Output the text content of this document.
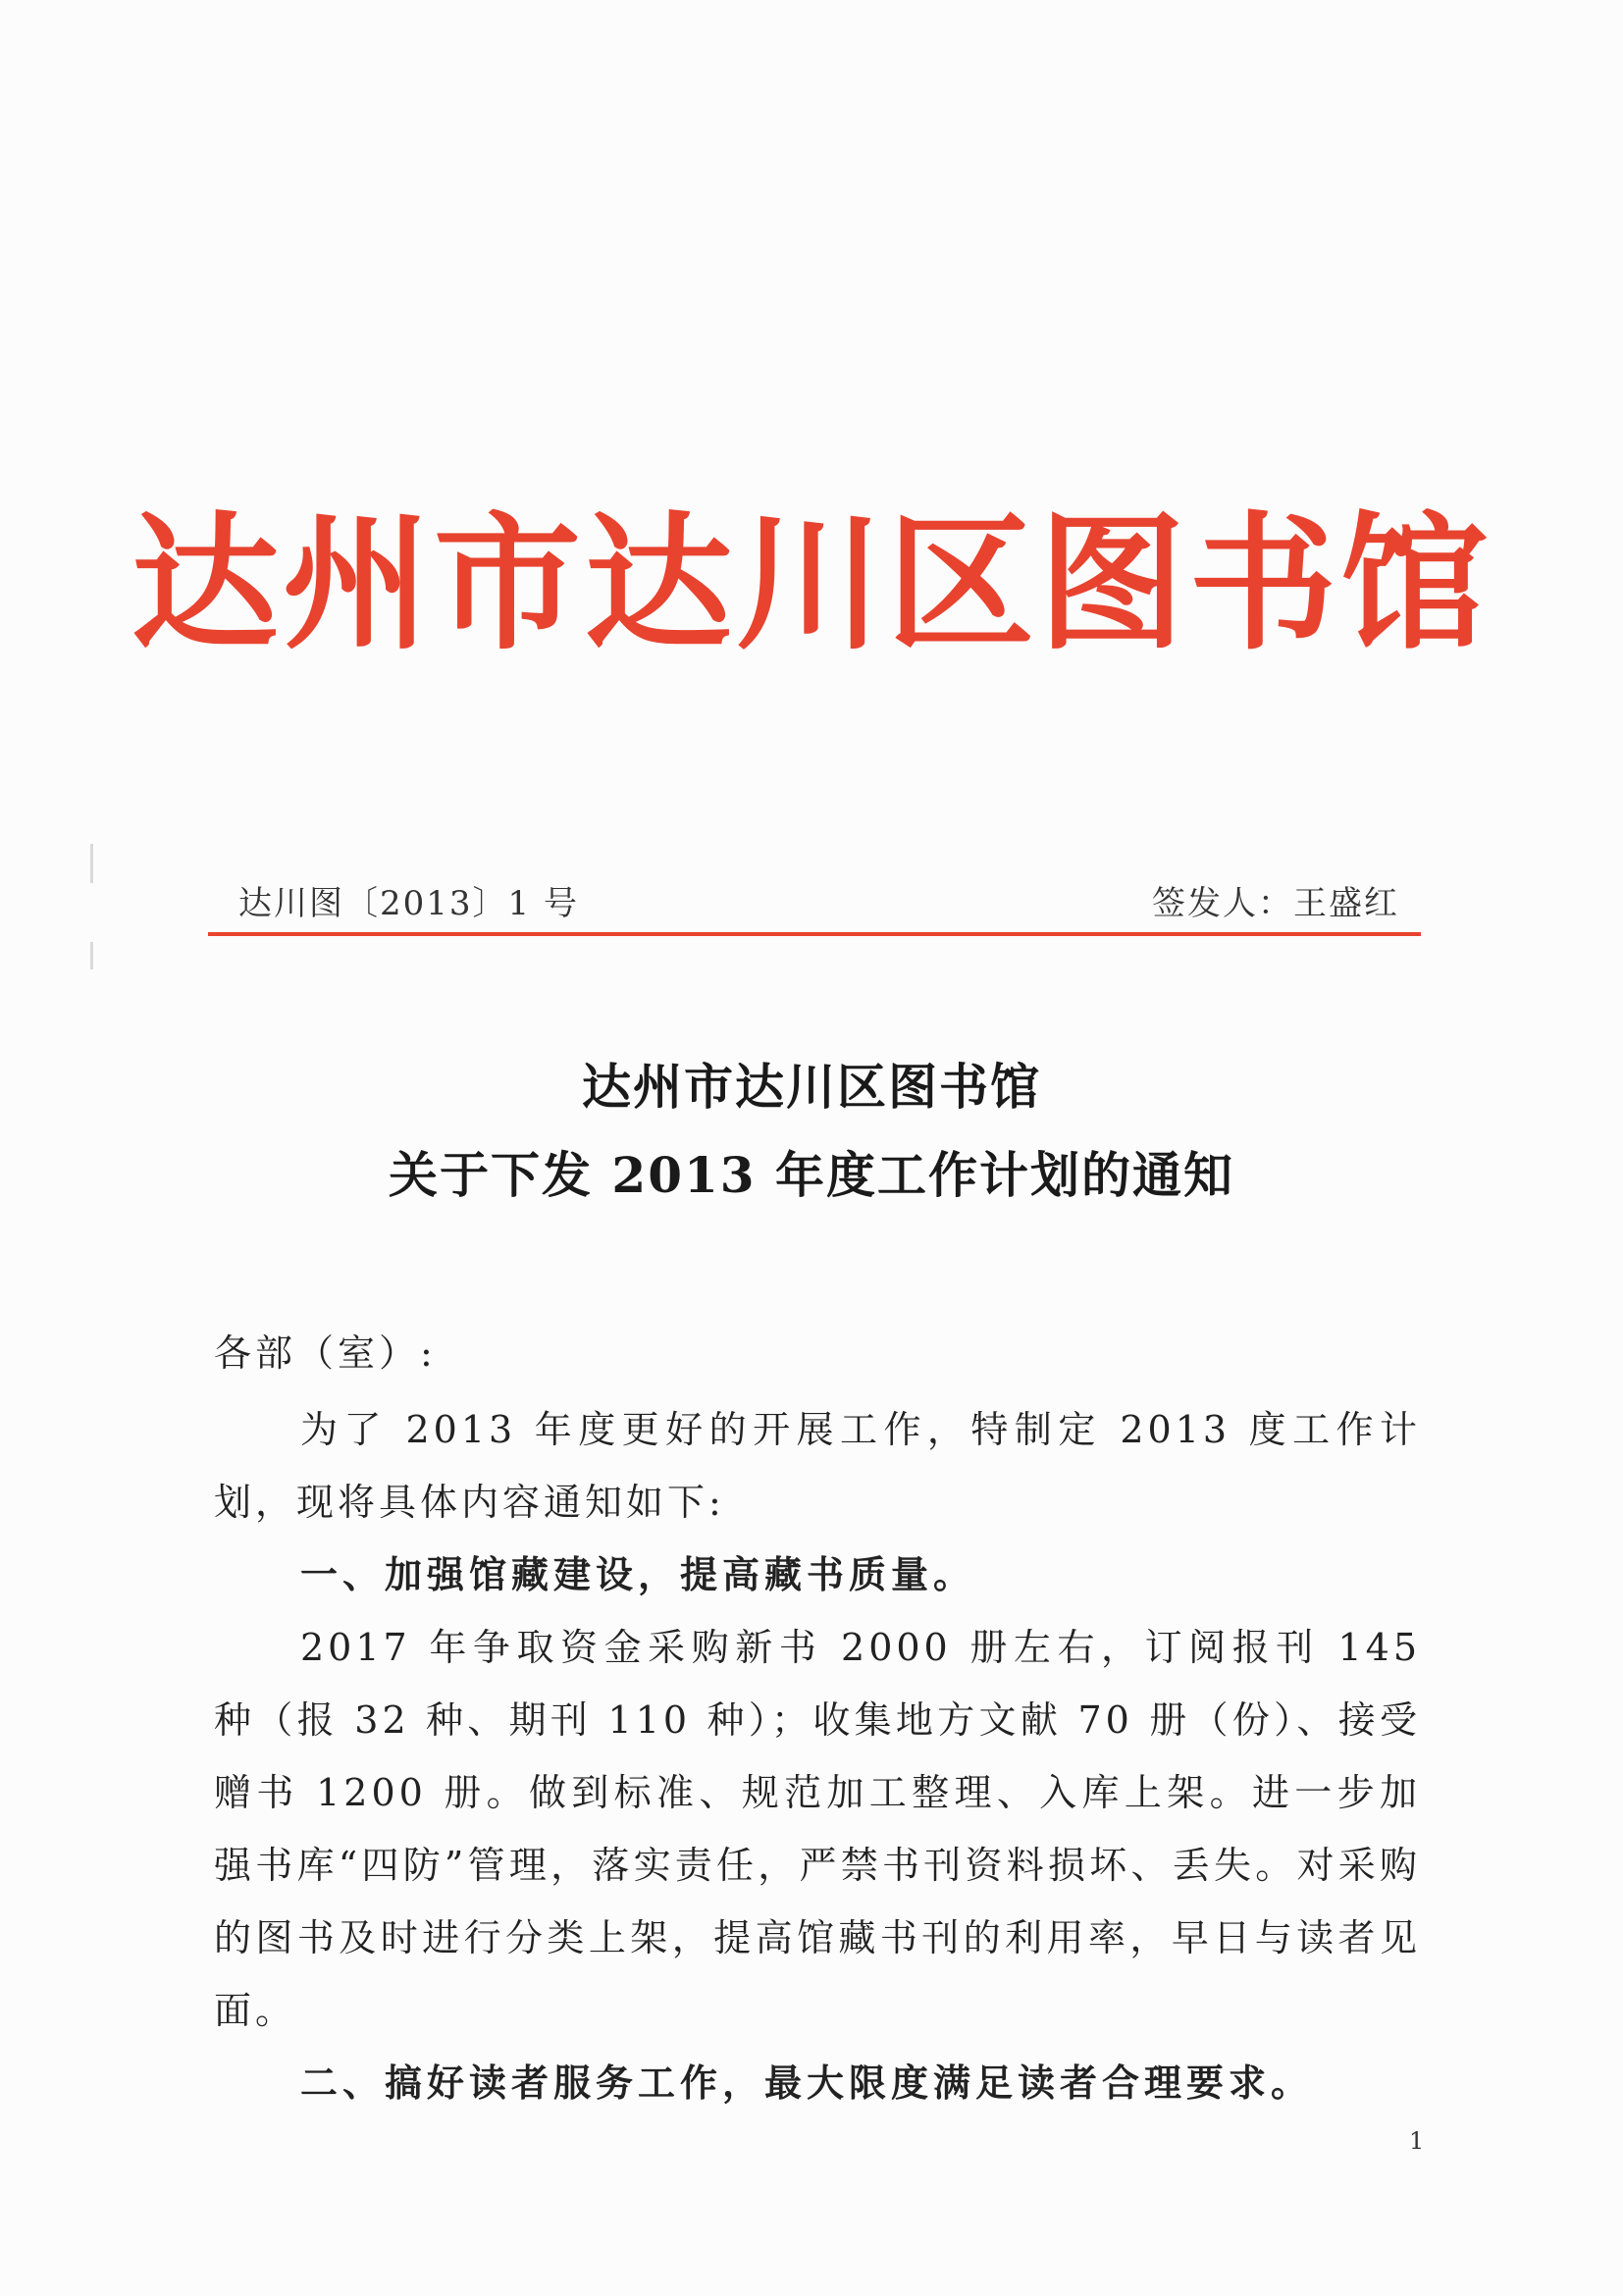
达州市达川区图书馆
达川图〔2013〕1 号	签发人：王盛红
达州市达川区图书馆
关于下发 2013 年度工作计划的通知
各部（室）:

为了 2013 年度更好的开展工作，特制定 2013 度工作计划，现将具体内容通知如下:

一、加强馆藏建设，提高藏书质量。

2017 年争取资金采购新书 2000 册左右，订阅报刊 145 种（报 32 种、期刊 110 种）；收集地方文献 70 册（份）、接受赠书 1200 册。做到标准、规范加工整理、入库上架。进一步加强书库“四防”管理，落实责任，严禁书刊资料损坏、丢失。对采购的图书及时进行分类上架，提高馆藏书刊的利用率，早日与读者见面。

二、搞好读者服务工作，最大限度满足读者合理要求。

1
